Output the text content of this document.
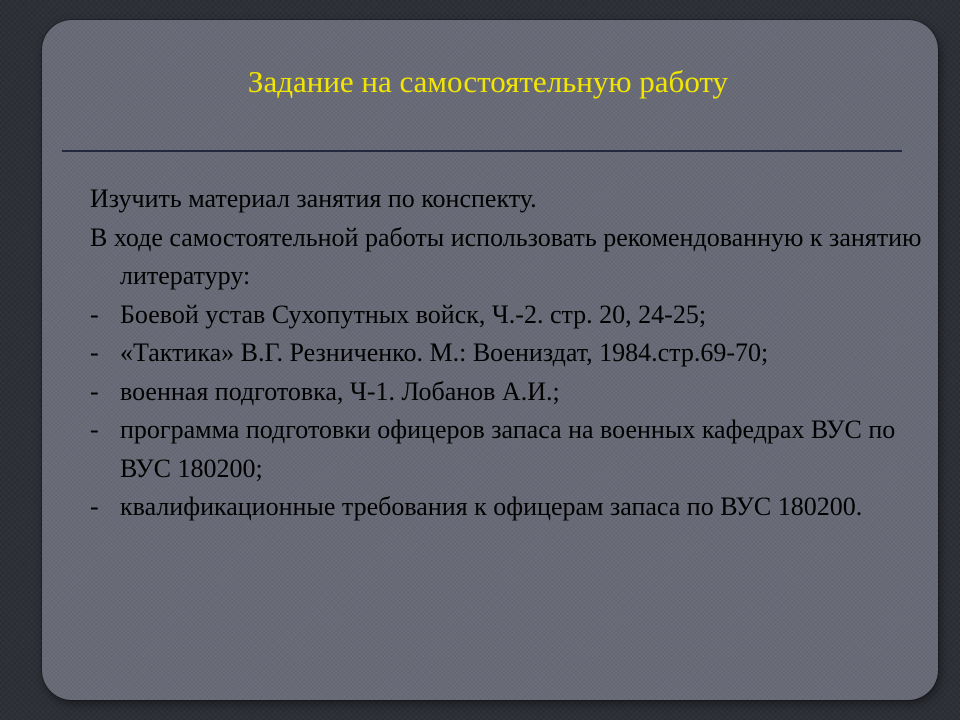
Задание на самостоятельную работу

Изучить материал занятия по конспекту.

В ходе самостоятельной работы использовать рекомендованную к занятию литературу:

- Боевой устав Сухопутных войск, Ч.-2. стр. 20, 24-25;

- «Тактика» В.Г. Резниченко. М.: Воениздат, 1984.стр.69-70;

- военная подготовка, Ч-1. Лобанов А.И.;

- программа подготовки офицеров запаса на военных кафедрах ВУС по ВУС 180200;

- квалификационные требования к офицерам запаса по ВУС 180200.
